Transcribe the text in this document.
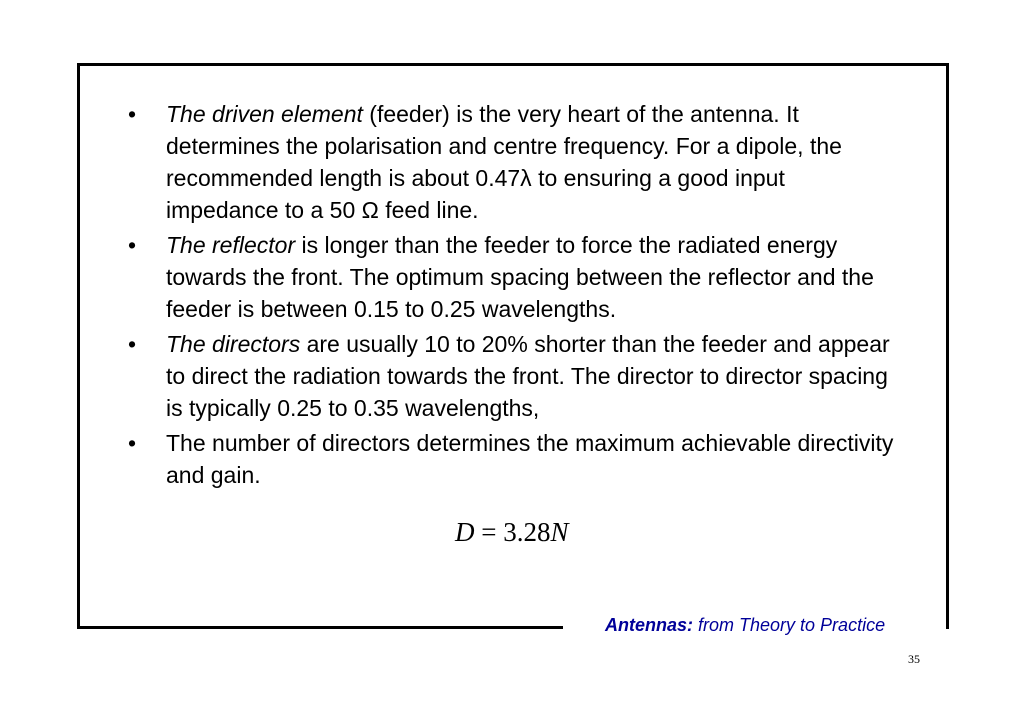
• The driven element (feeder) is the very heart of the antenna. It determines the polarisation and centre frequency. For a dipole, the recommended length is about 0.47λ to ensuring a good input impedance to a 50 Ω feed line.
• The reflector is longer than the feeder to force the radiated energy towards the front. The optimum spacing between the reflector and the feeder is between 0.15 to 0.25 wavelengths.
• The directors are usually 10 to 20% shorter than the feeder and appear to direct the radiation towards the front. The director to director spacing is typically 0.25 to 0.35 wavelengths,
• The number of directors determines the maximum achievable directivity and gain.
D = 3.28N
Antennas: from Theory to Practice
35
